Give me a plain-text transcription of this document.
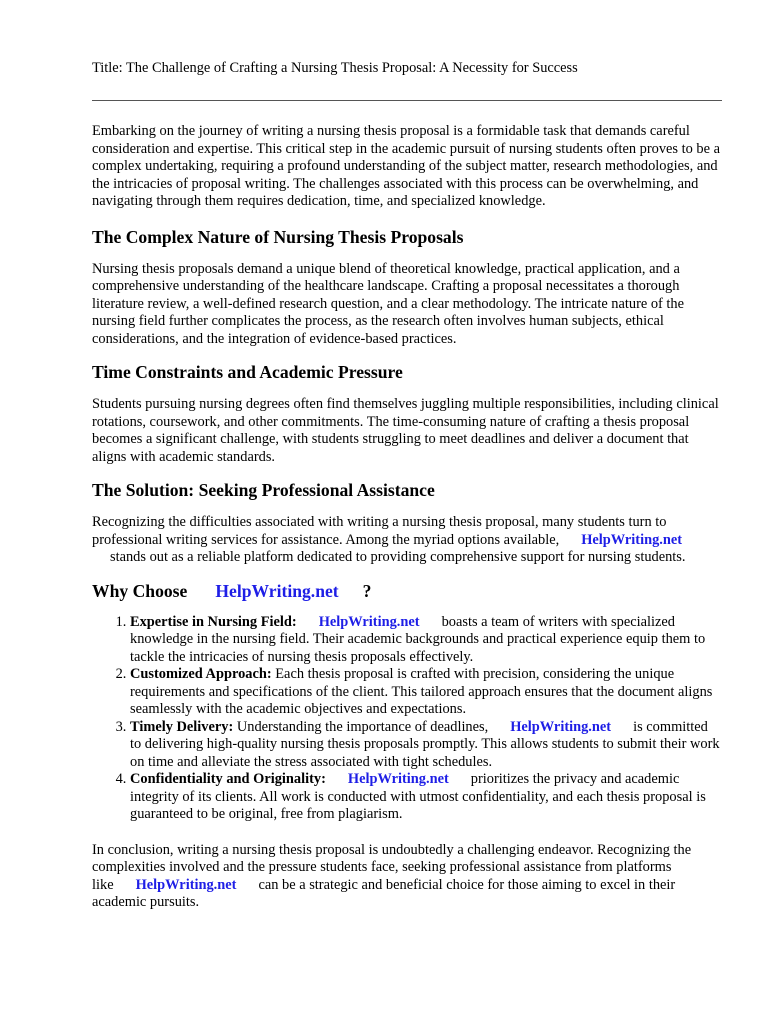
Title: The Challenge of Crafting a Nursing Thesis Proposal: A Necessity for Success

Embarking on the journey of writing a nursing thesis proposal is a formidable task that demands careful consideration and expertise. This critical step in the academic pursuit of nursing students often proves to be a complex undertaking, requiring a profound understanding of the subject matter, research methodologies, and the intricacies of proposal writing. The challenges associated with this process can be overwhelming, and navigating through them requires dedication, time, and specialized knowledge.

The Complex Nature of Nursing Thesis Proposals

Nursing thesis proposals demand a unique blend of theoretical knowledge, practical application, and a comprehensive understanding of the healthcare landscape. Crafting a proposal necessitates a thorough literature review, a well-defined research question, and a clear methodology. The intricate nature of the nursing field further complicates the process, as the research often involves human subjects, ethical considerations, and the integration of evidence-based practices.

Time Constraints and Academic Pressure

Students pursuing nursing degrees often find themselves juggling multiple responsibilities, including clinical rotations, coursework, and other commitments. The time-consuming nature of crafting a thesis proposal becomes a significant challenge, with students struggling to meet deadlines and deliver a document that aligns with academic standards.

The Solution: Seeking Professional Assistance

Recognizing the difficulties associated with writing a nursing thesis proposal, many students turn to professional writing services for assistance. Among the myriad options available, HelpWriting.net
stands out as a reliable platform dedicated to providing comprehensive support for nursing students.

Why Choose HelpWriting.net ?
1. Expertise in Nursing Field: HelpWriting.net boasts a team of writers with specialized knowledge in the nursing field. Their academic backgrounds and practical experience equip them to tackle the intricacies of nursing thesis proposals effectively.
2. Customized Approach: Each thesis proposal is crafted with precision, considering the unique requirements and specifications of the client. This tailored approach ensures that the document aligns seamlessly with the academic objectives and expectations.
3. Timely Delivery: Understanding the importance of deadlines, HelpWriting.net is committed to delivering high-quality nursing thesis proposals promptly. This allows students to submit their work on time and alleviate the stress associated with tight schedules.
4. Confidentiality and Originality: HelpWriting.net prioritizes the privacy and academic integrity of its clients. All work is conducted with utmost confidentiality, and each thesis proposal is guaranteed to be original, free from plagiarism.

In conclusion, writing a nursing thesis proposal is undoubtedly a challenging endeavor. Recognizing the complexities involved and the pressure students face, seeking professional assistance from platforms like HelpWriting.net can be a strategic and beneficial choice for those aiming to excel in their academic pursuits.
